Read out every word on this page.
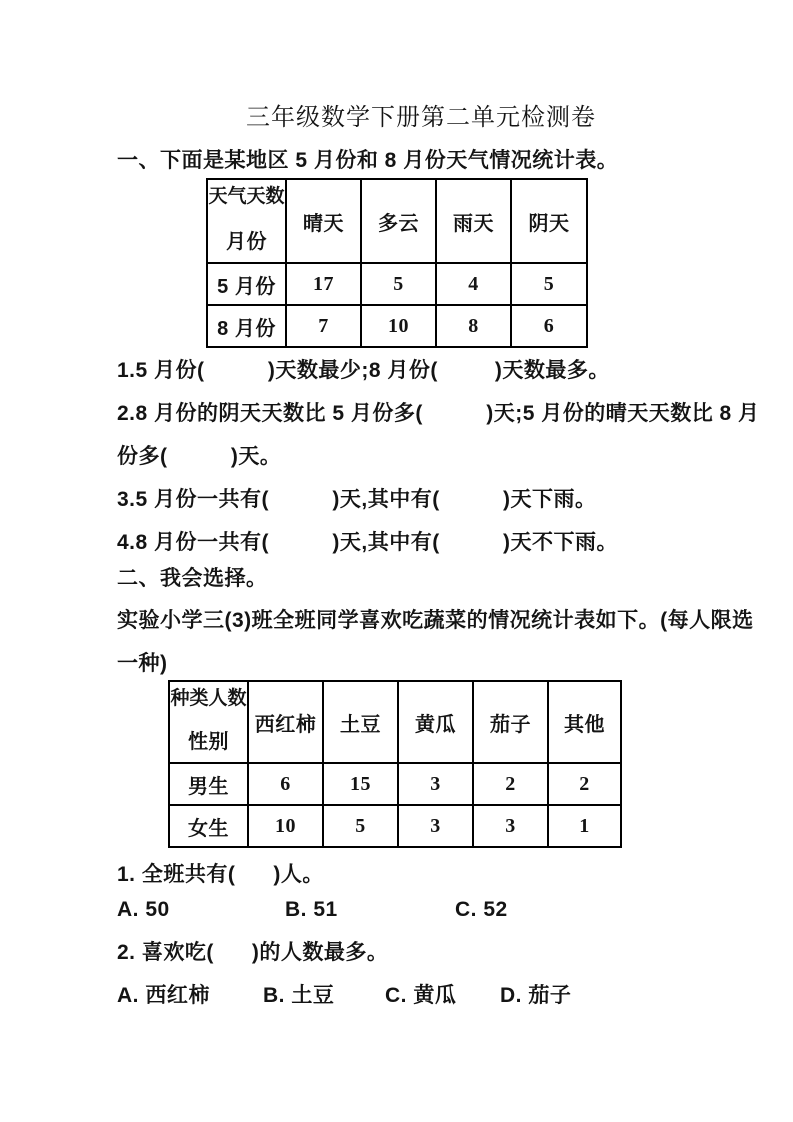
三年级数学下册第二单元检测卷
一、下面是某地区 5 月份和 8 月份天气情况统计表。
天气天数
月份	晴天	多云	雨天	阴天
5 月份	17	5	4	5
8 月份	7	10	8	6
1.5 月份(          )天数最少;8 月份(         )天数最多。
2.8 月份的阴天天数比 5 月份多(          )天;5 月份的晴天天数比 8 月
份多(          )天。
3.5 月份一共有(          )天,其中有(          )天下雨。
4.8 月份一共有(          )天,其中有(          )天不下雨。
二、我会选择。
实验小学三(3)班全班同学喜欢吃蔬菜的情况统计表如下。(每人限选
一种)
种类人数
性别	西红柿	土豆	黄瓜	茄子	其他
男生	6	15	3	2	2
女生	10	5	3	3	1
1. 全班共有(      )人。
A. 50	B. 51	C. 52
2. 喜欢吃(      )的人数最多。
A. 西红柿	B. 土豆 C. 黄瓜 D. 茄子
